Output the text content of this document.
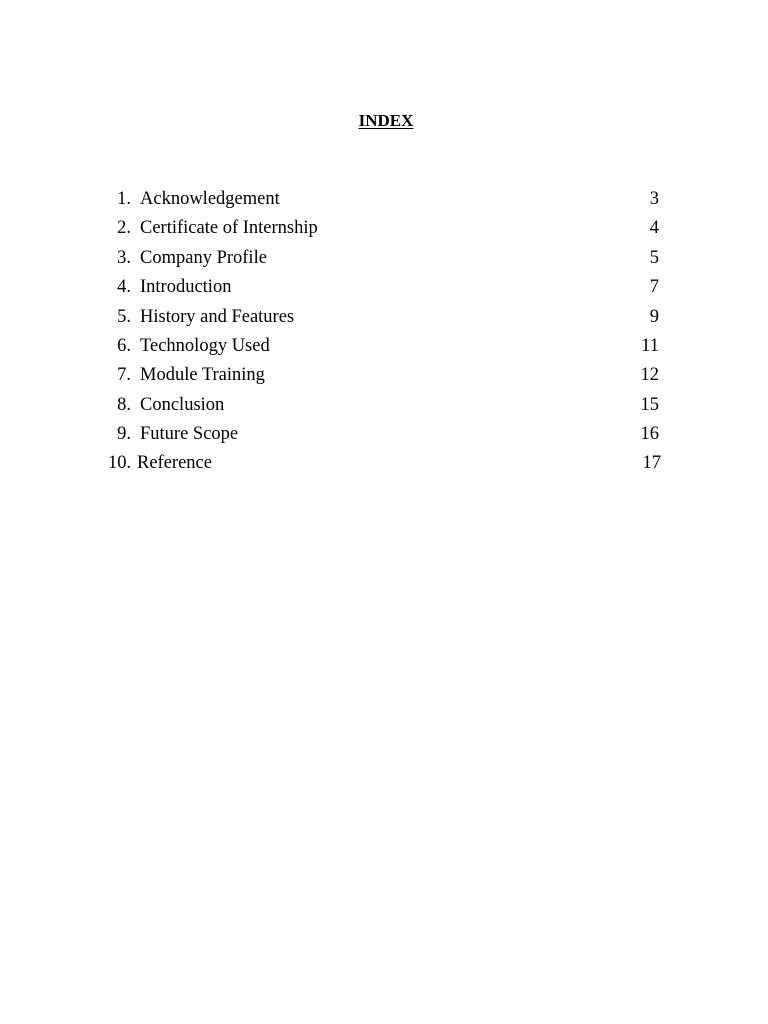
INDEX
1. Acknowledgement	3
2. Certificate of Internship	4
3. Company Profile	5
4. Introduction	7
5. History and Features	9
6. Technology Used	11
7. Module Training	12
8. Conclusion	15
9. Future Scope	16
10. Reference	17
